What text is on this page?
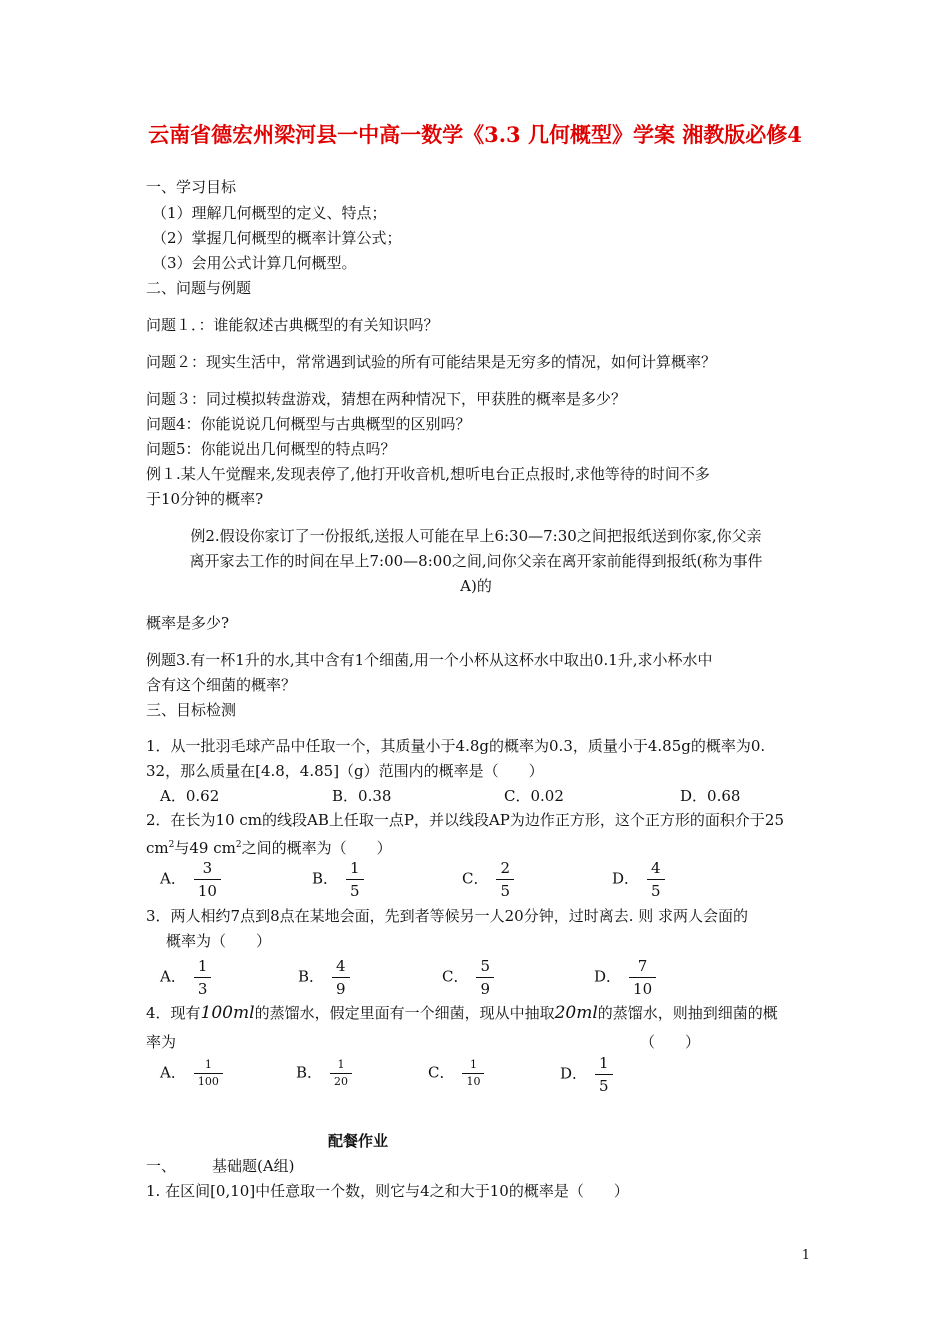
云南省德宏州梁河县一中高一数学《3.3 几何概型》学案 湘教版必修4
一、学习目标
（1）理解几何概型的定义、特点；
（2）掌握几何概型的概率计算公式；
（3）会用公式计算几何概型。
二、问题与例题
问题１．：谁能叙述古典概型的有关知识吗？
问题２：现实生活中，常常遇到试验的所有可能结果是无穷多的情况，如何计算概率？
问题３：同过模拟转盘游戏，猜想在两种情况下，甲获胜的概率是多少？
问题4：你能说说几何概型与古典概型的区别吗？
问题5：你能说出几何概型的特点吗？
例１.某人午觉醒来,发现表停了,他打开收音机,想听电台正点报时,求他等待的时间不多
于10分钟的概率?
例2.假设你家订了一份报纸,送报人可能在早上6:30—7:30之间把报纸送到你家,你父亲
离开家去工作的时间在早上7:00—8:00之间,问你父亲在离开家前能得到报纸(称为事件
A)的
概率是多少?
例题3.有一杯1升的水,其中含有1个细菌,用一个小杯从这杯水中取出0.1升,求小杯水中
含有这个细菌的概率？
三、目标检测
1．从一批羽毛球产品中任取一个，其质量小于4.8g的概率为0.3，质量小于4.85g的概率为0.
32，那么质量在[4.8，4.85]（g）范围内的概率是（　　）
A．0.62	B．0.38	C．0.02	D．0.68
2．在长为10 cm的线段AB上任取一点P，并以线段AP为边作正方形，这个正方形的面积介于25
$cm^2$与49 $cm^2$之间的概率为（　　）
A． $\frac{3}{10}$	B． $\frac{1}{5}$	C． $\frac{2}{5}$	D． $\frac{4}{5}$
3．两人相约7点到8点在某地会面，先到者等候另一人20分钟，过时离去. 则 求两人会面的
概率为（　　）
A． $\frac{1}{3}$	B． $\frac{4}{9}$	C． $\frac{5}{9}$	D． $\frac{7}{10}$
4．现有100ml的蒸馏水，假定里面有一个细菌，现从中抽取20ml的蒸馏水，则抽到细菌的概
率为	（　　）
A． $\frac{1}{100}$	B． $\frac{1}{20}$	C． $\frac{1}{10}$	D． $\frac{1}{5}$
配餐作业
一、 基础题(A组)
1. 在区间[0,10]中任意取一个数，则它与4之和大于10的概率是（　　）
1
